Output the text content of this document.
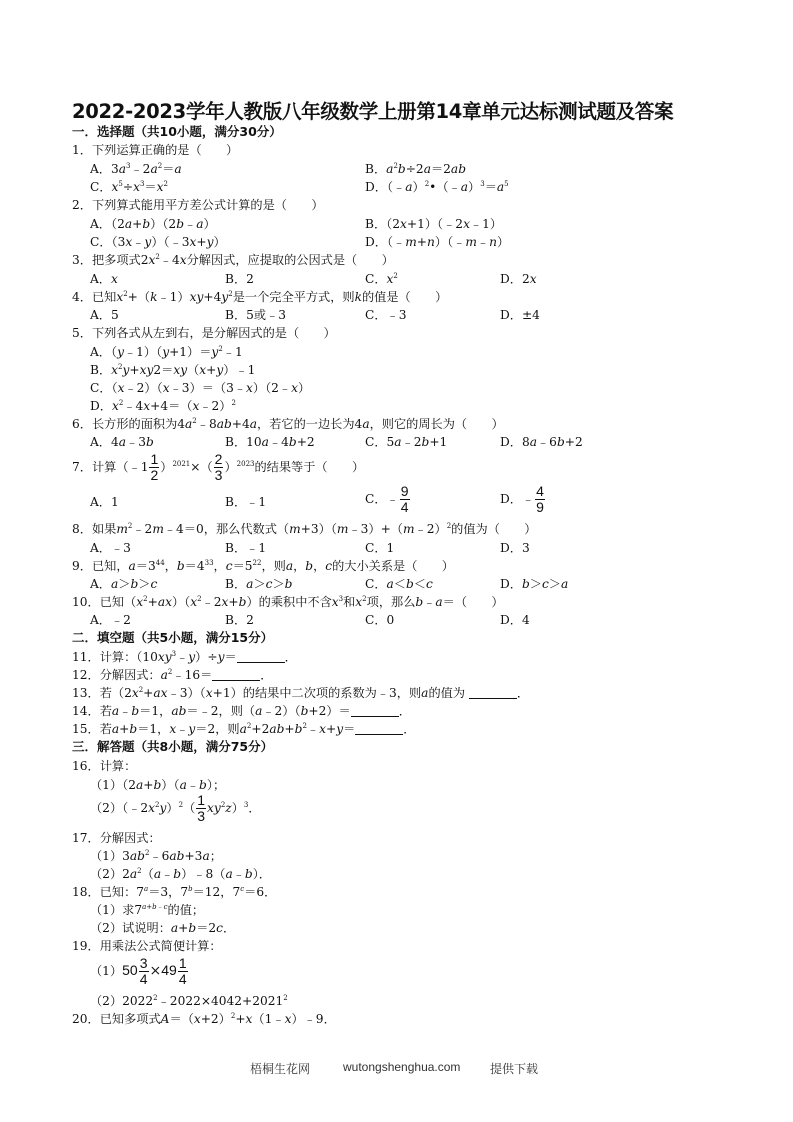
2022-2023学年人教版八年级数学上册第14章单元达标测试题及答案
一．选择题（共10小题，满分30分）
1．下列运算正确的是（　　）
A．$3a^3﹣2a^2=a$	B．$a^2b\div 2a=2ab$
C．$x^5\div x^3=x^2$	D．$(﹣a)^2•(﹣a)^3=a^5$
2．下列算式能用平方差公式计算的是（　　）
A．（2a+b）（2b﹣a）	B．（2x+1）（﹣2x﹣1）
C．（3x﹣y）（﹣3x+y）	D．（﹣m+n）（﹣m﹣n）
3．把多项式$2x^2﹣4x$分解因式，应提取的公因式是（　　）
A．x	B．2	C．$x^2$	D．2x
4．已知$x^2+(k﹣1)xy+4y^2$是一个完全平方式，则k的值是（　　）
A．5	B．5或﹣3	C．﹣3	D．±4
5．下列各式从左到右，是分解因式的是（　　）
A．$(y﹣1)(y+1)=y^2﹣1$
B．$x^2y+xy2=xy(x+y)﹣1$
C．（x﹣2）（x﹣3）＝（3﹣x）（2﹣x）
D．$x^2﹣4x+4=(x﹣2)^2$
6．长方形的面积为$4a^2﹣8ab+4a$，若它的一边长为4a，则它的周长为（　　）
A．4a﹣3b	B．10a﹣4b+2	C．5a﹣2b+1	D．8a﹣6b+2
7．计算（﹣1 $\frac{1}{2} )^{2021}\times( \frac{2}{3} )^{2023}$的结果等于（　　）
A．1	B．﹣1	C．﹣ $\frac{9}{4}$	D．﹣ $\frac{4}{9}$
8．如果$m^2﹣2m﹣4=0$，那么代数式（m+3）（m﹣3）+（m﹣2）$^2$的值为（　　）
A．﹣3	B．﹣1	C．1	D．3
9．已知，$a=3^{44}$，$b=4^{33}$，$c=5^{22}$，则a，b，c的大小关系是（　　）
A．a＞b＞c	B．a＞c＞b	C．a＜b＜c	D．b＞c＞a
10．已知$(x^2+ax)(x^2﹣2x+b)$的乘积中不含$x^3$和$x^2$项，那么b﹣a＝（　　）
A．﹣2	B．2	C．0	D．4
二．填空题（共5小题，满分15分）
11．计算：$(10xy^3﹣y)\div y=$	．
12．分解因式：$a^2﹣16=$	．
13．若$(2x^2+ax﹣3)(x+1)$的结果中二次项的系数为﹣3，则a的值为	．
14．若a﹣b＝1，ab＝﹣2，则（a﹣2）（b+2）＝	．
15．若a+b＝1，x﹣y＝2，则$a^2+2ab+b^2﹣x+y=$	．
三．解答题（共8小题，满分75分）
16．计算：
（1）（2a+b）（a﹣b）；
$(2)(﹣2x^2y)^2( \frac{1}{3} xy^2z)^3$．
17．分解因式：
$(1)3ab^2﹣6ab+3a$；
$(2)2a^2(a﹣b)﹣8(a﹣b)$．
18．已知：$7^a=3$，$7^b=12$，$7^c=6$．
（1）求$7^{a+b﹣c}$的值；
（2）试说明：a+b＝2c．
19．用乘法公式简便计算：
$(1)50 \frac{3}{4} \times 49 \frac{1}{4}$
$(2)2022^2﹣2022\times 4042+2021^2$
20．已知多项式$A=(x+2)^2+x(1﹣x)﹣9$．
梧桐生花网	wutongshenghua.com 提供下载
